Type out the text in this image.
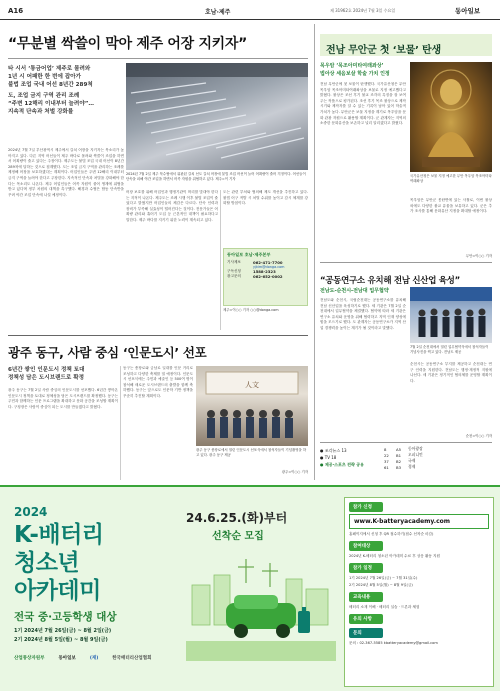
A16	호남·제주	제 31962호 2024년 7월 3일 수요일	동아일보
“무분별 싹쓸이 막아 제주 어장 지키자”
타 시서 ‘통금어업’ 제주로 몰려와
1년 시 어패한 한 번에 잡아가
불법 조업 국내 어선 8년간 289척
도, 조업 금지 구역 관리 조례
“주변 12해리 이내부터 늘려야”…
지속적 단속과 처벌 강화를
2024년 7월 2일 제주 북수협에서 위판된 갈치 선도 갈치 어장에 불법 조업 어선이 늘어 어획량이 줄어 걱정이다. 어선들이 단속을 피해 야간 조업을 하면서 어족 자원을 위협하고 있다. 제주=이 기자
2024년 7월 7일 부산광역시 제주에서 갈치 어장을 지키자는 목소리가 높아지고 있다. 다른 지역 어선들이 제주 바다로 몰려와 싹쓸이 조업을 하면서 어획량이 줄고 있다는 주장이다. 제주도는 불법 조업 국내 어선이 8년간 289척에 달하는 것으로 집계했다. 도는 조업 금지 구역을 관리하는 조례를 제정해 어장을 보호하겠다는 계획이다. 어업인들은 주변 12해리 이내부터 금지 구역을 늘려야 한다고 주장한다. 지속적인 단속과 처벌을 강화해야 한다는 목소리도 나온다. 제주 어업인들은 어족 자원이 줄어 생계에 위협을 받고 있다며 정부 차원의 대책을 촉구했다. 해경과 수협은 합동 단속반을 꾸려 야간 조업 단속에 나설 예정이다.
어장 보호를 위해 어업인과 행정기관이 머리를 맞대야 한다는 지적이 나온다. 제주도는 조례 시행 이후 불법 조업이 줄었다고 밝혔지만 어업인들의 체감은 다르다. 단속 인력과 장비가 부족해 실효성이 떨어진다는 것이다. 전문가들은 어획량 관리와 휴어기 도입 등 근본적인 대책이 필요하다고 말한다. 제주 바다를 지키기 위한 노력이 계속되고 있다.
도는 관련 부처와 협의해 제도 개선을 추진하고 있다. 불법 어구 적발 시 처벌 수위를 높이고 감시 체계를 강화할 방침이다.
동아일보 호남·제주본부
기사제보	062-471-7700
yjkim@donga.com
구독신청	1588-2323
광고문의	062-652-0002
제주=이○○ 기자 ○○@donga.com
광주 동구, 사람 중심 ‘인문도시’ 선포
6년간 쌓인 인문도시 정책 토대
정책성 담은 도시브랜드로 확정
광주 동구는 7월 2일 사람 중심의 인문도시를 선포했다. 6년간 쌓아온 인문도시 정책을 토대로 정체성을 담은 도시브랜드를 확정했다. 동구는 주민과 함께하는 인문 프로그램을 확대하고 문화 공간을 조성할 계획이다. 구청장은 사람이 중심이 되는 도시를 만들겠다고 밝혔다.
동구는 충장로와 금남로 일대를 인문 거리로 조성하고 다양한 축제를 열 예정이다. 인문도시 선포식에는 주민과 예술인 등 500여 명이 참석해 새로운 도시브랜드의 출발을 함께 축하했다. 동구는 앞으로도 인문학 기반 정책을 꾸준히 추진할 계획이다.
人文
광주 동구 충장로에서 열린 인문도시 선포식에서 참석자들이 기념촬영을 하고 있다. 광주 동구 제공
광주=이○○ 기자
전남 무안군 첫 ‘보물’ 탄생
목우암 ‘목조아미타여래좌상’
법아상 세음보살 학술 가치 인정
전남 무안군에 첫 보물이 탄생했다. 국가유산청은 무안 목우암 목조아미타여래좌상을 보물로 지정 예고했다고 밝혔다. 불상은 조선 후기 불교 조각의 특징을 잘 보여주는 작품으로 평가된다. 조선 후기 목조 불상으로 제작 시기와 제작자를 알 수 있는 기록이 남아 있어 학술적 가치가 높다. 무안군은 보물 지정을 계기로 목우암을 문화 관광 자원으로 활용할 계획이다. 군 관계자는 지역의 소중한 문화유산을 보존하고 널리 알리겠다고 밝혔다.
국가유산청은 보물 지정 예고한 무안 목우암 목조아미타여래좌상
목우암은 무안군 몽탄면에 있는 사찰로, 이번 불상 외에도 다양한 불교 유물을 보유하고 있다. 군은 추가 조사를 통해 문화유산 지정을 확대할 예정이다.
무안=이○○ 기자
“공동연구소 유치해 전남 신산업 육성”
전남도-순천시-전남대 업무협약
전남도와 순천시, 국립순천대는 공동연구소를 유치해 전남 신산업을 육성하기로 했다. 세 기관은 7월 2일 순천대에서 업무협약을 체결했다. 협약에 따라 세 기관은 연구소 유치와 운영을 위해 협력하고 지역 인재 양성에 힘을 모으기로 했다. 도 관계자는 공동연구소가 지역 산업 경쟁력을 높이는 계기가 될 것이라고 말했다.
7월 2일 순천대에서 열린 업무협약식에서 참석자들이 기념사진을 찍고 있다. 전남도 제공
순천시는 공동연구소 부지를 제공하고 순천대는 연구 인력을 지원한다. 전남도는 행정·재정적 지원에 나선다. 세 기관은 정기적인 협의체를 운영할 계획이다.
순천=이○○ 기자
● 조각뉴스 13
● TV 18
● 제공·스포츠 전략 공유
8	A5	동아광장
22	B1	오피니언
37	B2	국제
61	B3	경제
2024
K-배터리
청소년
아카데미
전국 중·고등학생 대상
1기 2024년 7월 26일(금) ~ 8월 2일(금)
2기 2024년 8월 5일(월) ~ 8월 9일(금)
산업통상자원부	동아일보	(재)	한국배터리산업협회
24.6.25.(화)부터
선착순 모집
참가 신청
www.K-batteryacademy.com
홈페이지에서 신청 후 QR 접수하기(접수 선착순 마감)
참여대상
2024년 K-배터리 청소년 아카데미 수료 후 상응 활동 지원
참가 일정
1기 2024년 7월 26일(금) ~ 7월 31일(수)
2기 2024년 8월 5일(월) ~ 8월 9일(금)
교육내용
배터리 소재 이해 · 배터리 실습 · 드론과 체험
유의 사항
문의
문의 : 02-367-5585 kbatteryacademy@gmail.com
